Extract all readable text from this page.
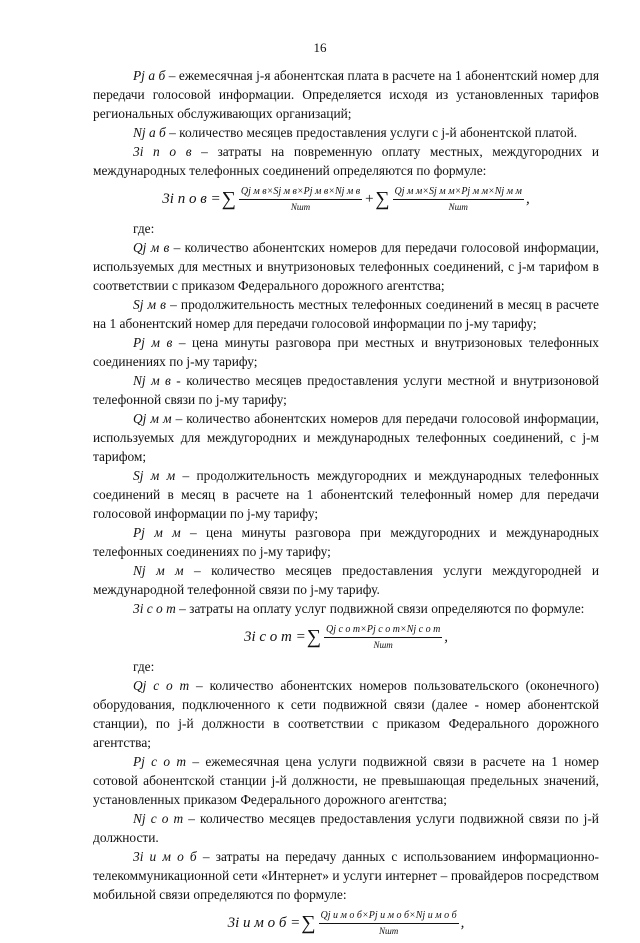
16

Pj а б – ежемесячная j-я абонентская плата в расчете на 1 абонентский номер для передачи голосовой информации. Определяется исходя из установленных тарифов региональных обслуживающих организаций;

Nj а б – количество месяцев предоставления услуги с j-й абонентской платой.

3i п о в – затраты на повременную оплату местных, междугородних и международных телефонных соединений определяются по формуле:

3i п о в = ∑ $\frac{\text{Qj м в×Sj м в×Pj м в×Nj м в}}{\text{Nшт}}$ + ∑ $\frac{\text{Qj м м×Sj м м×Pj м м×Nj м м}}{\text{Nшт}}$ ,

где:

Qj м в – количество абонентских номеров для передачи голосовой информации, используемых для местных и внутризоновых телефонных соединений, с j-м тарифом в соответствии с приказом Федерального дорожного агентства;

Sj м в – продолжительность местных телефонных соединений в месяц в расчете на 1 абонентский номер для передачи голосовой информации по j-му тарифу;

Pj м в – цена минуты разговора при местных и внутризоновых телефонных соединениях по j-му тарифу;

Nj м в - количество месяцев предоставления услуги местной и внутризоновой телефонной связи по j-му тарифу;

Qj м м – количество абонентских номеров для передачи голосовой информации, используемых для междугородних и международных телефонных соединений, с j-м тарифом;

Sj м м – продолжительность междугородних и международных телефонных соединений в месяц в расчете на 1 абонентский телефонный номер для передачи голосовой информации по j-му тарифу;

Pj м м – цена минуты разговора при междугородних и международных телефонных соединениях по j-му тарифу;

Nj м м – количество месяцев предоставления услуги междугородней и международной телефонной связи по j-му тарифу.

3i с о т – затраты на оплату услуг подвижной связи определяются по формуле:

3i с о т = ∑ $\frac{\text{Qj с о т×Pj с о т×Nj с о т}}{\text{Nшт}}$ ,

где:

Qj с о т – количество абонентских номеров пользовательского (оконечного) оборудования, подключенного к сети подвижной связи (далее - номер абонентской станции), по j-й должности в соответствии с приказом Федерального дорожного агентства;

Pj с о т – ежемесячная цена услуги подвижной связи в расчете на 1 номер сотовой абонентской станции j-й должности, не превышающая предельных значений, установленных приказом Федерального дорожного агентства;

Nj с о т – количество месяцев предоставления услуги подвижной связи по j-й должности.

3i и м о б – затраты на передачу данных с использованием информационно-телекоммуникационной сети «Интернет» и услуги интернет – провайдеров посредством мобильной связи определяются по формуле:

3i и м о б = ∑ $\frac{\text{Qj и м о б×Pj и м о б×Nj и м о б}}{\text{Nшт}}$ ,
